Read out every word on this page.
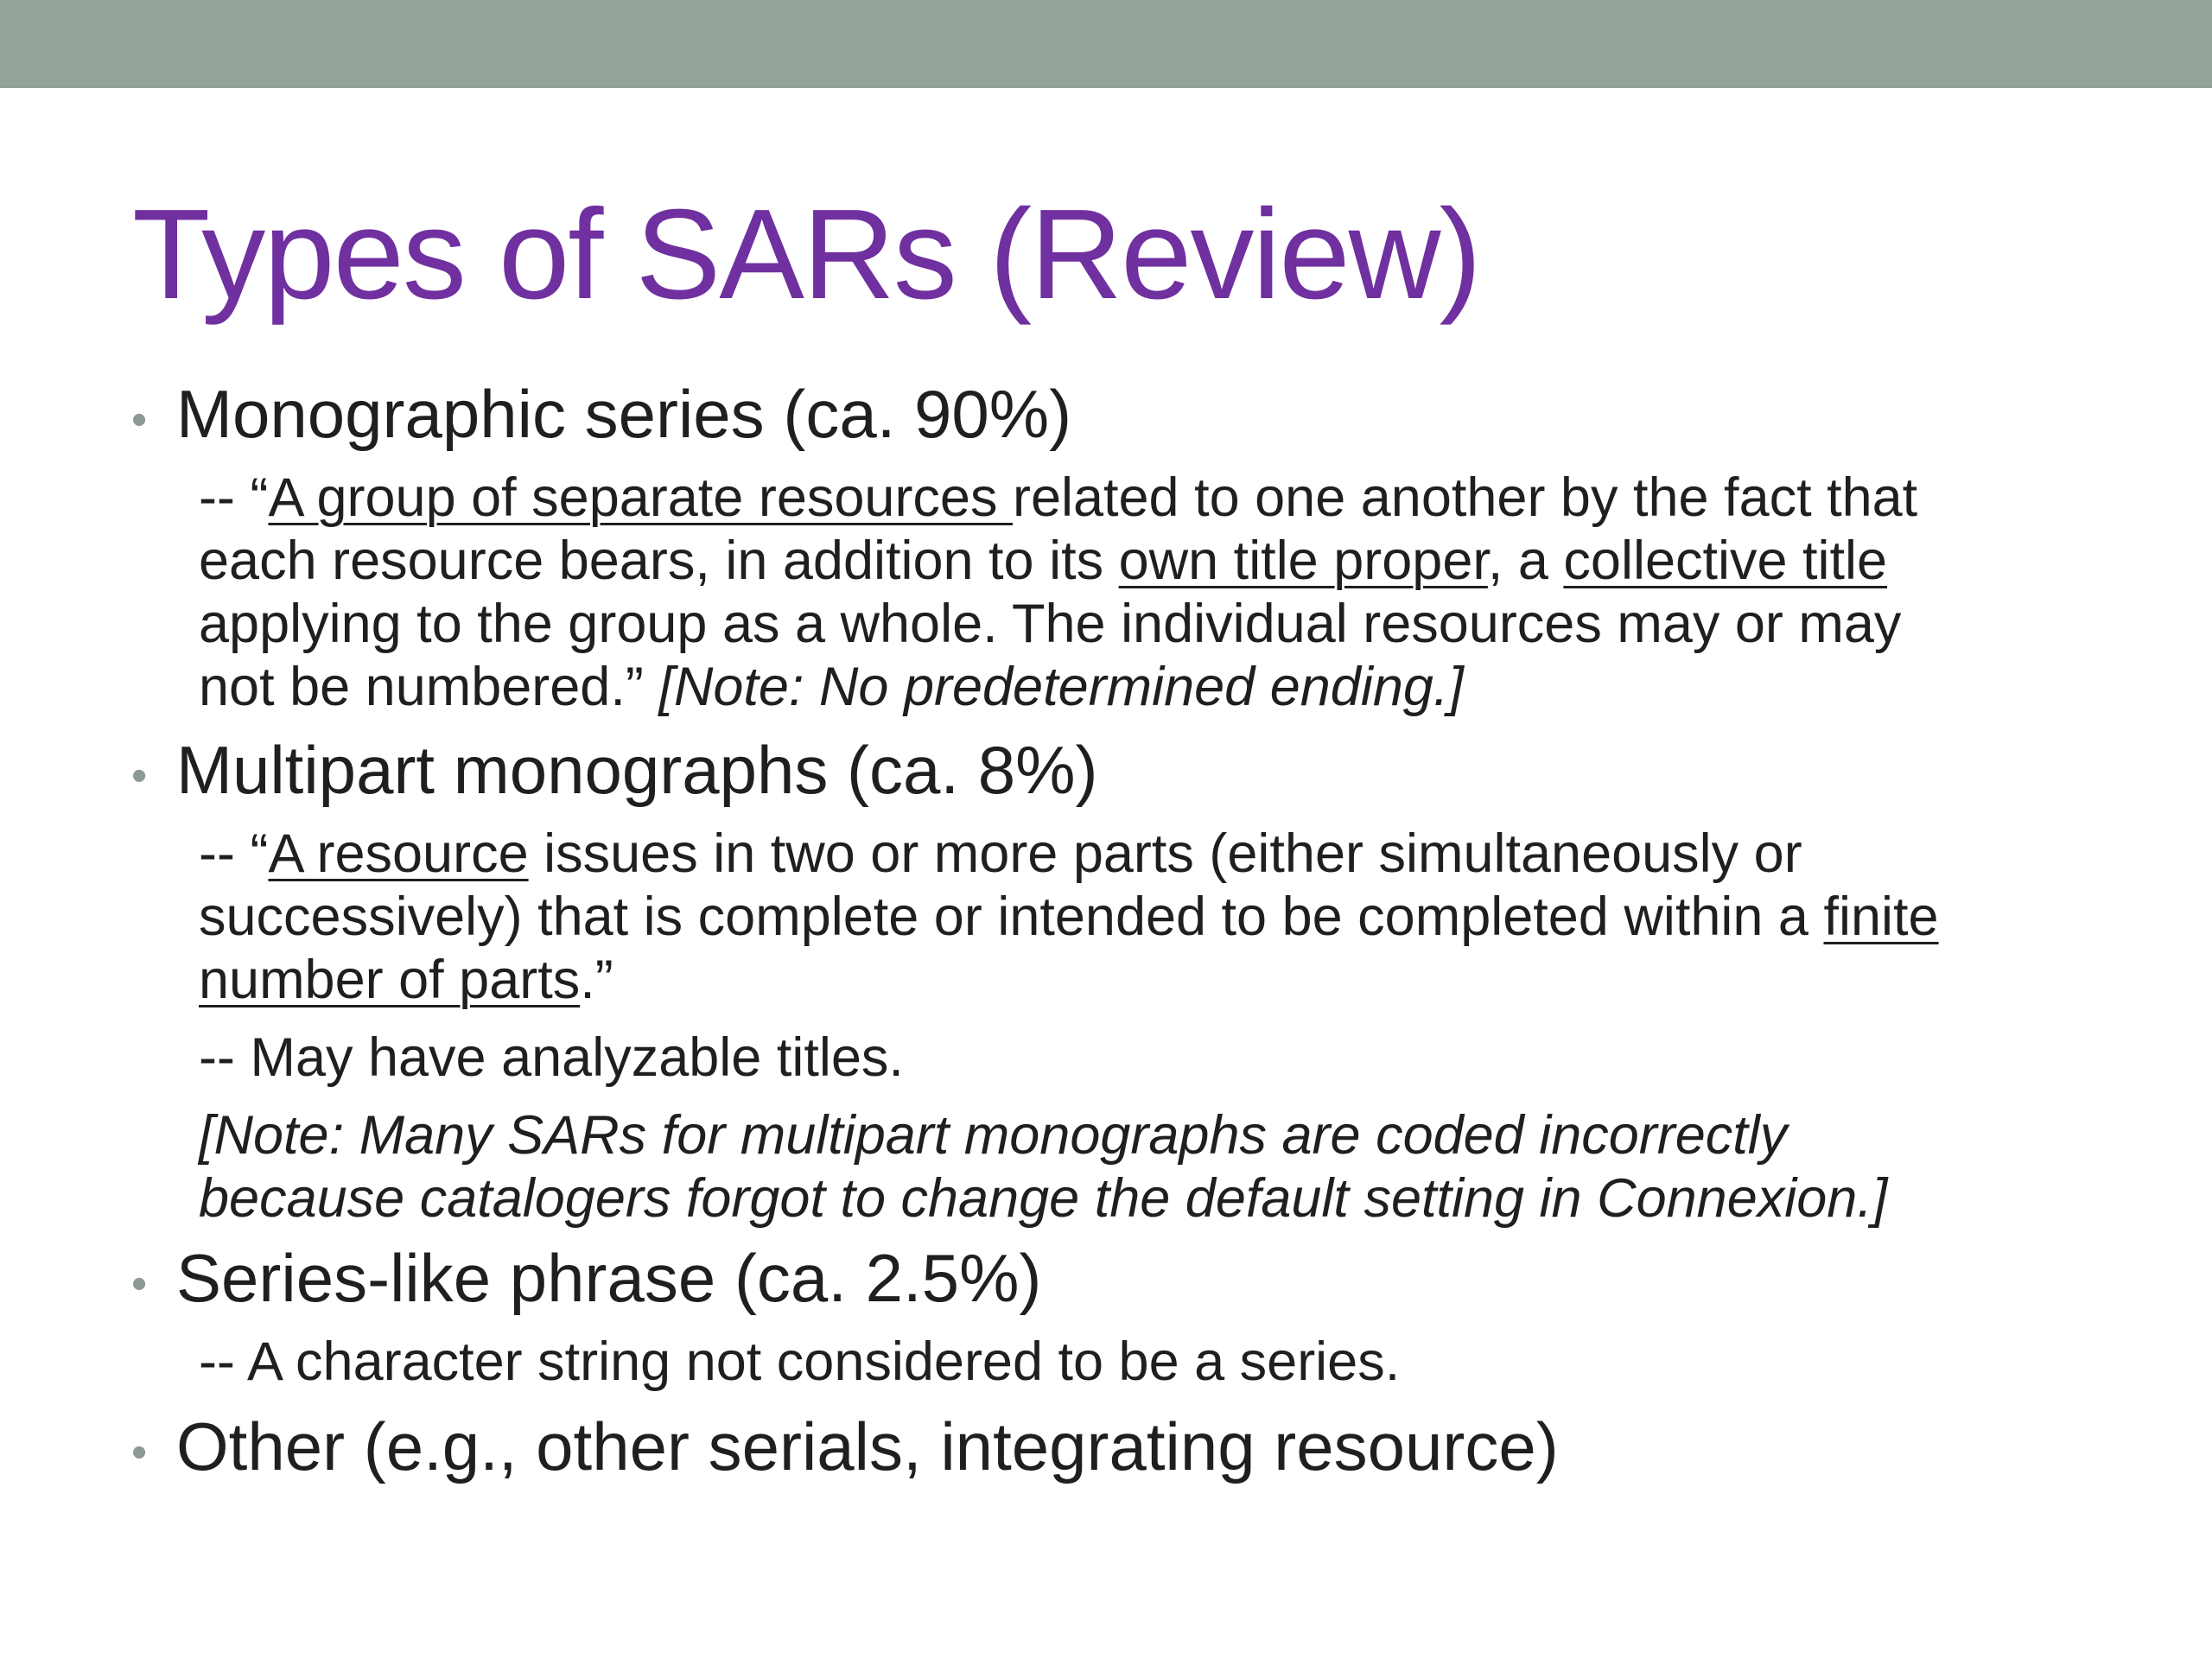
Types of SARs (Review)
• Monographic series (ca. 90%)
-- “A group of separate resources related to one another by the fact that
each resource bears, in addition to its own title proper, a collective title
applying to the group as a whole. The individual resources may or may
not be numbered.” [Note: No predetermined ending.]
• Multipart monographs (ca. 8%)
-- “A resource issues in two or more parts (either simultaneously or
successively) that is complete or intended to be completed within a finite
number of parts.”
-- May have analyzable titles.
[Note: Many SARs for multipart monographs are coded incorrectly
because catalogers forgot to change the default setting in Connexion.]
• Series-like phrase (ca. 2.5%)
-- A character string not considered to be a series.
• Other (e.g., other serials, integrating resource)
